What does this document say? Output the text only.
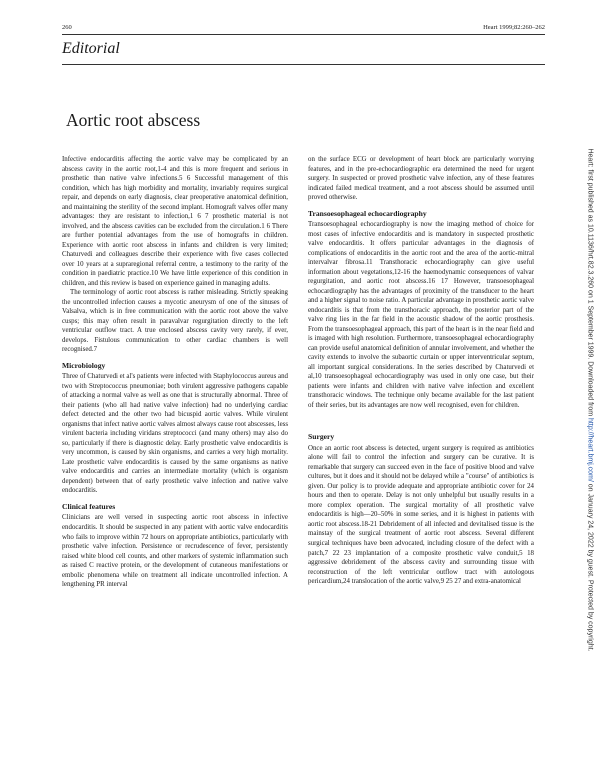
260	Heart 1999;82:260–262
Editorial
Aortic root abscess

Infective endocarditis affecting the aortic valve may be complicated by an abscess cavity in the aortic root,1-4 and this is more frequent and serious in prosthetic than native valve infections.5 6 Successful management of this condition, which has high morbidity and mortality, invariably requires surgical repair, and depends on early diagnosis, clear preoperative anatomical definition, and maintaining the sterility of the second implant. Homograft valves offer many advantages: they are resistant to infection,1 6 7 prosthetic material is not involved, and the abscess cavities can be excluded from the circulation.1 6 There are further potential advantages from the use of homografts in children. Experience with aortic root abscess in infants and children is very limited; Chaturvedi and colleagues describe their experience with five cases collected over 10 years at a supraregional referral centre, a testimony to the rarity of the condition in paediatric practice.10 We have little experience of this condition in children, and this review is based on experience gained in managing adults.

The terminology of aortic root abscess is rather misleading. Strictly speaking the uncontrolled infection causes a mycotic aneurysm of one of the sinuses of Valsalva, which is in free communication with the aortic root above the valve cusps; this may often result in paravalvar regurgitation directly to the left ventricular outflow tract. A true enclosed abscess cavity very rarely, if ever, develops. Fistulous communication to other cardiac chambers is well recognised.7

Microbiology

Three of Chaturvedi et al's patients were infected with Staphylococcus aureus and two with Streptococcus pneumoniae; both virulent aggressive pathogens capable of attacking a normal valve as well as one that is structurally abnormal. Three of their patients (who all had native valve infection) had no underlying cardiac defect detected and the other two had bicuspid aortic valves. While virulent organisms that infect native aortic valves almost always cause root abscesses, less virulent bacteria including viridans streptococci (and many others) may also do so, particularly if there is diagnostic delay. Early prosthetic valve endocarditis is very uncommon, is caused by skin organisms, and carries a very high mortality. Late prosthetic valve endocarditis is caused by the same organisms as native valve endocarditis and carries an intermediate mortality (which is organism dependent) between that of early prosthetic valve infection and native valve endocarditis.

Clinical features

Clinicians are well versed in suspecting aortic root abscess in infective endocarditis. It should be suspected in any patient with aortic valve endocarditis who fails to improve within 72 hours on appropriate antibiotics, particularly with prosthetic valve infection. Persistence or recrudescence of fever, persistently raised white blood cell counts, and other markers of systemic inflammation such as raised C reactive protein, or the development of cutaneous manifestations or embolic phenomena while on treatment all indicate uncontrolled infection. A lengthening PR interval

on the surface ECG or development of heart block are particularly worrying features, and in the pre-echocardiographic era determined the need for urgent surgery. In suspected or proved prosthetic valve infection, any of these features indicated failed medical treatment, and a root abscess should be assumed until proved otherwise.

Transoesophageal echocardiography

Transoesophageal echocardiography is now the imaging method of choice for most cases of infective endocarditis and is mandatory in suspected prosthetic valve endocarditis. It offers particular advantages in the diagnosis of complications of endocarditis in the aortic root and the area of the aortic-mitral intervalvar fibrosa.11 Transthoracic echocardiography can give useful information about vegetations,12-16 the haemodynamic consequences of valvar regurgitation, and aortic root abscess.16 17 However, transoesophageal echocardiography has the advantages of proximity of the transducer to the heart and a higher signal to noise ratio. A particular advantage in prosthetic aortic valve endocarditis is that from the transthoracic approach, the posterior part of the valve ring lies in the far field in the acoustic shadow of the aortic prosthesis. From the transoesophageal approach, this part of the heart is in the near field and is imaged with high resolution. Furthermore, transoesophageal echocardiography can provide useful anatomical definition of annular involvement, and whether the cavity extends to involve the subaortic curtain or upper interventricular septum, all important surgical considerations. In the series described by Chaturvedi et al,10 transoesophageal echocardiography was used in only one case, but their patients were infants and children with native valve infection and excellent transthoracic windows. The technique only became available for the last patient of their series, but its advantages are now well recognised, even for children.

Surgery

Once an aortic root abscess is detected, urgent surgery is required as antibiotics alone will fail to control the infection and surgery can be curative. It is remarkable that surgery can succeed even in the face of positive blood and valve cultures, but it does and it should not be delayed while a "course" of antibiotics is given. Our policy is to provide adequate and appropriate antibiotic cover for 24 hours and then to operate. Delay is not only unhelpful but usually results in a more complex operation. The surgical mortality of all prosthetic valve endocarditis is high—20–50% in some series, and it is highest in patients with aortic root abscess.18-21 Debridement of all infected and devitalised tissue is the mainstay of the surgical treatment of aortic root abscess. Several different surgical techniques have been advocated, including closure of the defect with a patch,7 22 23 implantation of a composite prosthetic valve conduit,5 18 aggressive debridement of the abscess cavity and surrounding tissue with reconstruction of the left ventricular outflow tract with autologous pericardium,24 translocation of the aortic valve,9 25 27 and extra-anatomical

Heart: first published as 10.1136/hrt.82.3.260 on 1 September 1999. Downloaded from http://heart.bmj.com/ on January 24, 2022 by guest. Protected by copyright.
